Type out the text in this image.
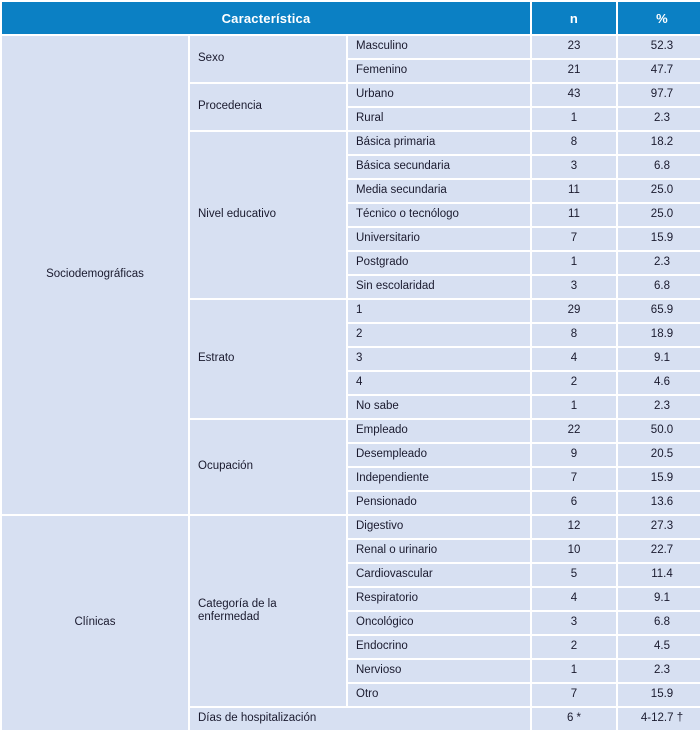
Característica			n	%
Sociodemográficas	Sexo	Masculino	23	52.3
		Femenino	21	47.7
	Procedencia	Urbano	43	97.7
		Rural	1	2.3
	Nivel educativo	Básica primaria	8	18.2
		Básica secundaria	3	6.8
		Media secundaria	11	25.0
		Técnico o tecnólogo	11	25.0
		Universitario	7	15.9
		Postgrado	1	2.3
		Sin escolaridad	3	6.8
	Estrato	1	29	65.9
		2	8	18.9
		3	4	9.1
		4	2	4.6
		No sabe	1	2.3
	Ocupación	Empleado	22	50.0
		Desempleado	9	20.5
		Independiente	7	15.9
		Pensionado	6	13.6
Clínicas	Categoría de la enfermedad	Digestivo	12	27.3
		Renal o urinario	10	22.7
		Cardiovascular	5	11.4
		Respiratorio	4	9.1
		Oncológico	3	6.8
		Endocrino	2	4.5
		Nervioso	1	2.3
		Otro	7	15.9
	Días de hospitalización		6 *	4-12.7 †
